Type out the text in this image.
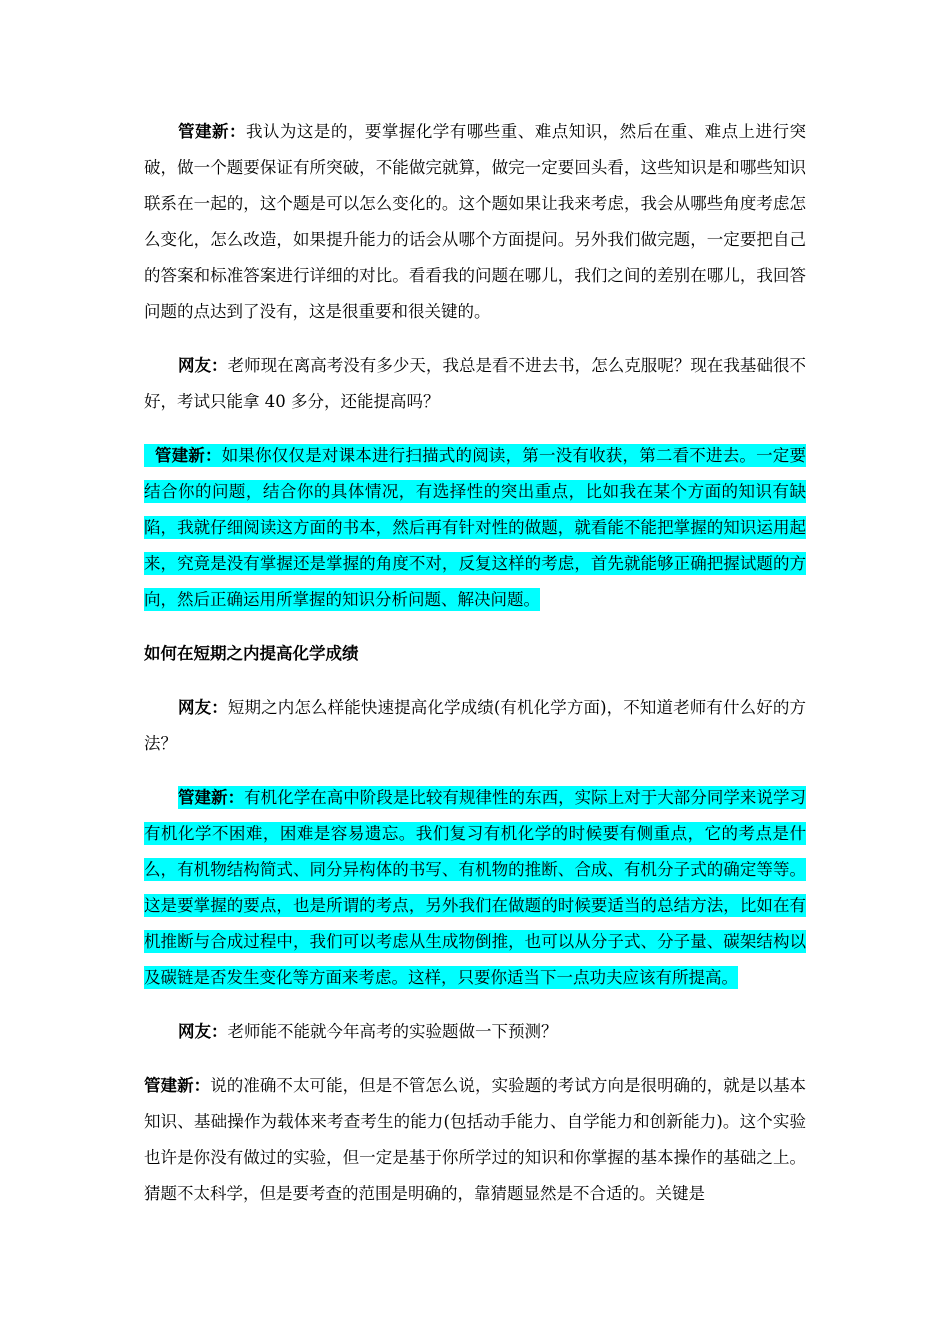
管建新：我认为这是的，要掌握化学有哪些重、难点知识，然后在重、难点上进行突破，做一个题要保证有所突破，不能做完就算，做完一定要回头看，这些知识是和哪些知识联系在一起的，这个题是可以怎么变化的。这个题如果让我来考虑，我会从哪些角度考虑怎么变化，怎么改造，如果提升能力的话会从哪个方面提问。另外我们做完题，一定要把自己的答案和标准答案进行详细的对比。看看我的问题在哪儿，我们之间的差别在哪儿，我回答问题的点达到了没有，这是很重要和很关键的。

网友：老师现在离高考没有多少天，我总是看不进去书，怎么克服呢？现在我基础很不好，考试只能拿 40 多分，还能提高吗？

管建新：如果你仅仅是对课本进行扫描式的阅读，第一没有收获，第二看不进去。一定要结合你的问题，结合你的具体情况，有选择性的突出重点，比如我在某个方面的知识有缺陷，我就仔细阅读这方面的书本，然后再有针对性的做题，就看能不能把掌握的知识运用起来，究竟是没有掌握还是掌握的角度不对，反复这样的考虑，首先就能够正确把握试题的方向，然后正确运用所掌握的知识分析问题、解决问题。

如何在短期之内提高化学成绩

网友：短期之内怎么样能快速提高化学成绩(有机化学方面)，不知道老师有什么好的方法？

管建新：有机化学在高中阶段是比较有规律性的东西，实际上对于大部分同学来说学习有机化学不困难，困难是容易遗忘。我们复习有机化学的时候要有侧重点，它的考点是什么，有机物结构简式、同分异构体的书写、有机物的推断、合成、有机分子式的确定等等。这是要掌握的要点，也是所谓的考点，另外我们在做题的时候要适当的总结方法，比如在有机推断与合成过程中，我们可以考虑从生成物倒推，也可以从分子式、分子量、碳架结构以及碳链是否发生变化等方面来考虑。这样，只要你适当下一点功夫应该有所提高。

网友：老师能不能就今年高考的实验题做一下预测？

管建新：说的准确不太可能，但是不管怎么说，实验题的考试方向是很明确的，就是以基本知识、基础操作为载体来考查考生的能力(包括动手能力、自学能力和创新能力)。这个实验也许是你没有做过的实验，但一定是基于你所学过的知识和你掌握的基本操作的基础之上。猜题不太科学，但是要考查的范围是明确的，靠猜题显然是不合适的。关键是
